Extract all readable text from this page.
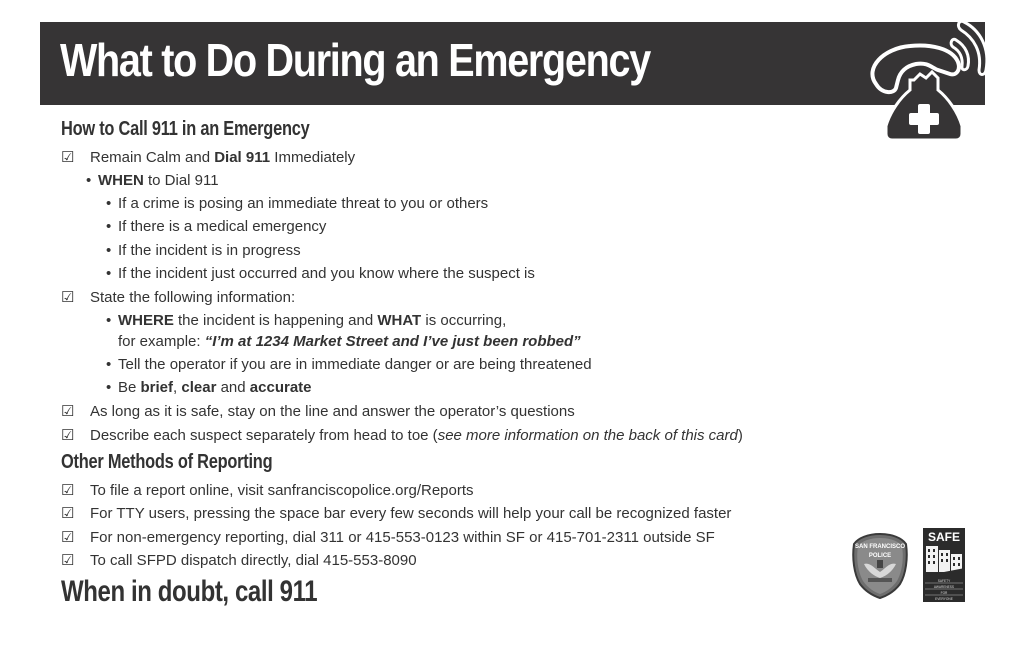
What to Do During an Emergency
How to Call 911 in an Emergency
☑ Remain Calm and Dial 911 Immediately
• WHEN to Dial 911
• If a crime is posing an immediate threat to you or others
• If there is a medical emergency
• If the incident is in progress
• If the incident just occurred and you know where the suspect is
☑ State the following information:
• WHERE the incident is happening and WHAT is occurring,
for example: “I’m at 1234 Market Street and I’ve just been robbed”
• Tell the operator if you are in immediate danger or are being threatened
• Be brief, clear and accurate
☑ As long as it is safe, stay on the line and answer the operator’s questions
☑ Describe each suspect separately from head to toe (see more information on the back of this card)
Other Methods of Reporting
☑ To file a report online, visit sanfranciscopolice.org/Reports
☑ For TTY users, pressing the space bar every few seconds will help your call be recognized faster
☑ For non-emergency reporting, dial 311 or 415-553-0123 within SF or 415-701-2311 outside SF
☑ To call SFPD dispatch directly, dial 415-553-8090
When in doubt, call 911
SAN FRANCISCO
POLICE
SAFE
SAFETY
AWARENESS
FOR
EVERYONE
